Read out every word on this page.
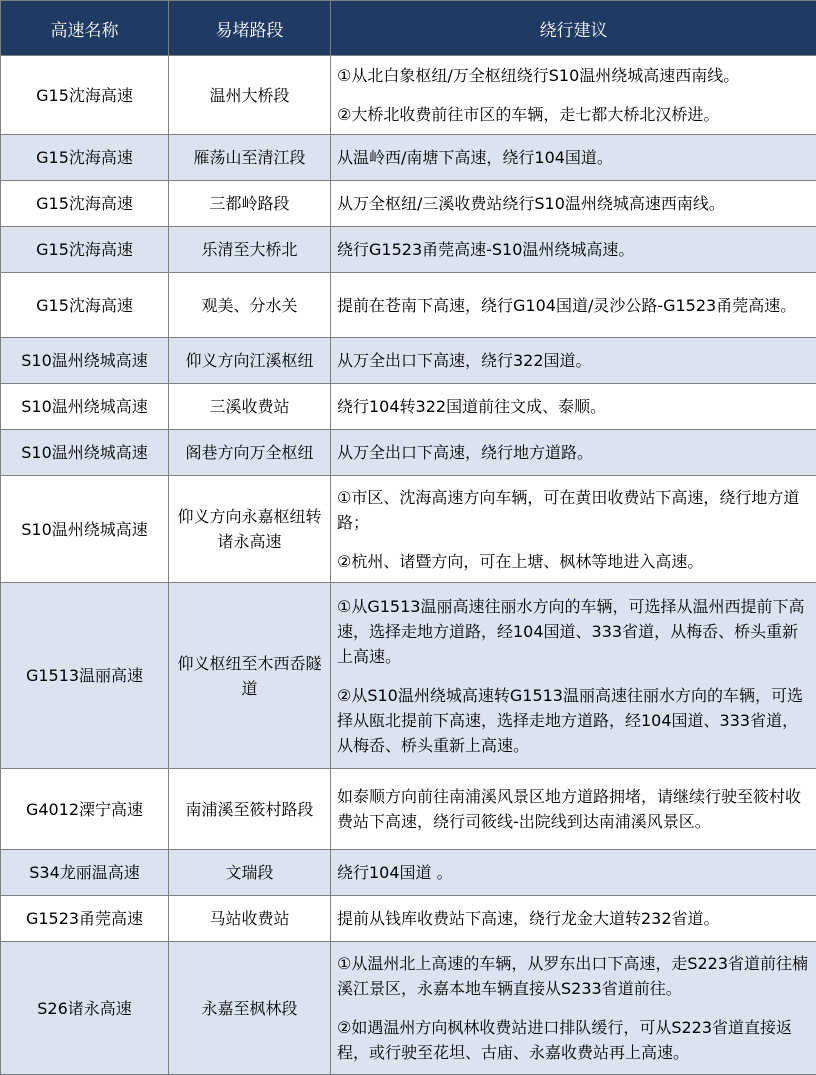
高速名称	易堵路段	绕行建议
G15沈海高速	温州大桥段	①从北白象枢纽/万全枢纽绕行S10温州绕城高速西南线。
②大桥北收费前往市区的车辆，走七都大桥北汉桥进。

G15沈海高速	雁荡山至清江段	从温岭西/南塘下高速，绕行104国道。

G15沈海高速	三都岭路段	从万全枢纽/三溪收费站绕行S10温州绕城高速西南线。

G15沈海高速	乐清至大桥北	绕行G1523甬莞高速-S10温州绕城高速。

G15沈海高速	观美、分水关	提前在苍南下高速，绕行G104国道/灵沙公路-G1523甬莞高速。

S10温州绕城高速	仰义方向江溪枢纽	从万全出口下高速，绕行322国道。

S10温州绕城高速	三溪收费站	绕行104转322国道前往文成、泰顺。

S10温州绕城高速	阁巷方向万全枢纽	从万全出口下高速，绕行地方道路。

S10温州绕城高速	仰义方向永嘉枢纽转诸永高速	①市区、沈海高速方向车辆，可在黄田收费站下高速，绕行地方道路；
②杭州、诸暨方向，可在上塘、枫林等地进入高速。

G1513温丽高速	仰义枢纽至木西岙隧道	①从G1513温丽高速往丽水方向的车辆，可选择从温州西提前下高速，选择走地方道路，经104国道、333省道，从梅岙、桥头重新上高速。
②从S10温州绕城高速转G1513温丽高速往丽水方向的车辆，可选择从瓯北提前下高速，选择走地方道路，经104国道、333省道，从梅岙、桥头重新上高速。

G4012溧宁高速	南浦溪至筱村路段	如泰顺方向前往南浦溪风景区地方道路拥堵，请继续行驶至筱村收费站下高速，绕行司筱线-岀院线到达南浦溪风景区。

S34龙丽温高速	文瑞段	绕行104国道 。

G1523甬莞高速	马站收费站	提前从钱库收费站下高速，绕行龙金大道转232省道。

S26诸永高速	永嘉至枫林段	①从温州北上高速的车辆，从罗东出口下高速，走S223省道前往楠溪江景区，永嘉本地车辆直接从S233省道前往。
②如遇温州方向枫林收费站进口排队缓行，可从S223省道直接返程，或行驶至花坦、古庙、永嘉收费站再上高速。
